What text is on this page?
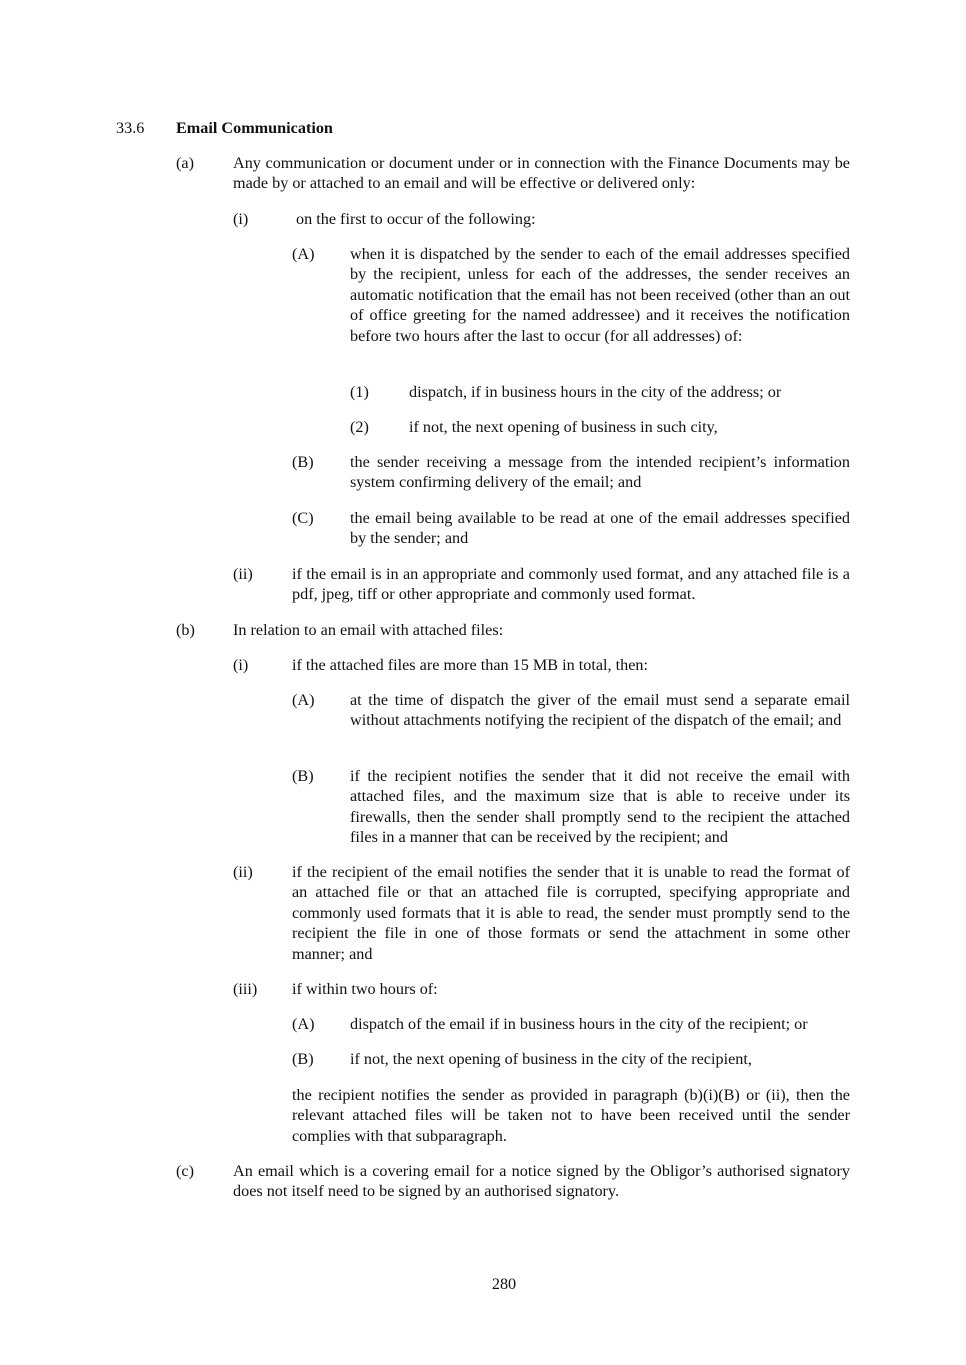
33.6 Email Communication
(a) Any communication or document under or in connection with the Finance Documents may be made by or attached to an email and will be effective or delivered only:
(i)	on the first to occur of the following:
(A) when it is dispatched by the sender to each of the email addresses specified by the recipient, unless for each of the addresses, the sender receives an automatic notification that the email has not been received (other than an out of office greeting for the named addressee) and it receives the notification before two hours after the last to occur (for all addresses) of:
(1) dispatch, if in business hours in the city of the address; or
(2) if not, the next opening of business in such city,
(B) the sender receiving a message from the intended recipient’s information system confirming delivery of the email; and
(C) the email being available to be read at one of the email addresses specified by the sender; and
(ii) if the email is in an appropriate and commonly used format, and any attached file is a pdf, jpeg, tiff or other appropriate and commonly used format.
(b) In relation to an email with attached files:
(i)	if the attached files are more than 15 MB in total, then:
(A) at the time of dispatch the giver of the email must send a separate email without attachments notifying the recipient of the dispatch of the email; and
(B) if the recipient notifies the sender that it did not receive the email with attached files, and the maximum size that is able to receive under its firewalls, then the sender shall promptly send to the recipient the attached files in a manner that can be received by the recipient; and
(ii) if the recipient of the email notifies the sender that it is unable to read the format of an attached file or that an attached file is corrupted, specifying appropriate and commonly used formats that it is able to read, the sender must promptly send to the recipient the file in one of those formats or send the attachment in some other manner; and
(iii) if within two hours of:
(A) dispatch of the email if in business hours in the city of the recipient; or
(B) if not, the next opening of business in the city of the recipient,
the recipient notifies the sender as provided in paragraph (b)(i)(B) or (ii), then the relevant attached files will be taken not to have been received until the sender complies with that subparagraph.
(c) An email which is a covering email for a notice signed by the Obligor’s authorised signatory does not itself need to be signed by an authorised signatory.
280
